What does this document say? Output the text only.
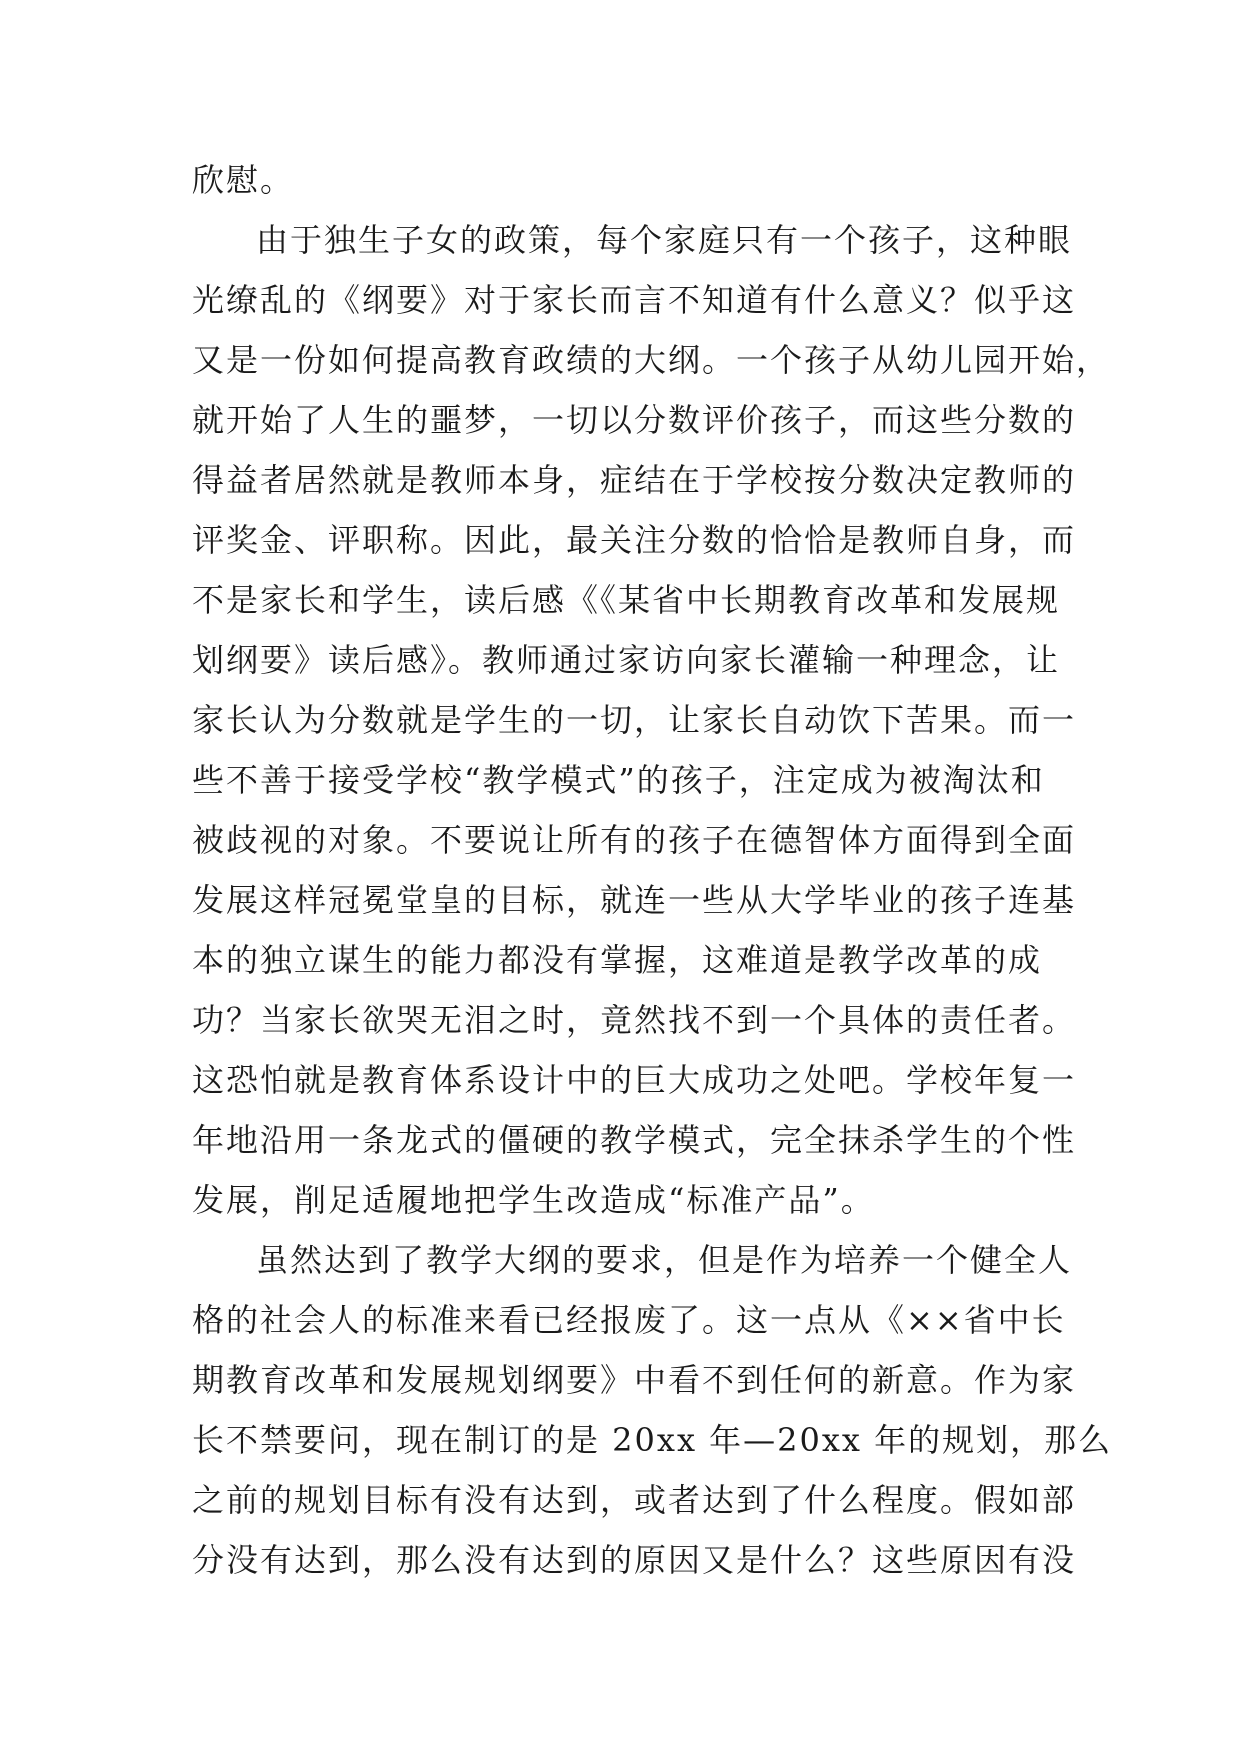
欣慰。
由于独生子女的政策，每个家庭只有一个孩子，这种眼
光缭乱的《纲要》对于家长而言不知道有什么意义？似乎这
又是一份如何提高教育政绩的大纲。一个孩子从幼儿园开始，
就开始了人生的噩梦，一切以分数评价孩子，而这些分数的
得益者居然就是教师本身，症结在于学校按分数决定教师的
评奖金、评职称。因此，最关注分数的恰恰是教师自身，而
不是家长和学生，读后感《《某省中长期教育改革和发展规
划纲要》读后感》。教师通过家访向家长灌输一种理念，让
家长认为分数就是学生的一切，让家长自动饮下苦果。而一
些不善于接受学校“教学模式”的孩子，注定成为被淘汰和
被歧视的对象。不要说让所有的孩子在德智体方面得到全面
发展这样冠冕堂皇的目标，就连一些从大学毕业的孩子连基
本的独立谋生的能力都没有掌握，这难道是教学改革的成
功？当家长欲哭无泪之时，竟然找不到一个具体的责任者。
这恐怕就是教育体系设计中的巨大成功之处吧。学校年复一
年地沿用一条龙式的僵硬的教学模式，完全抹杀学生的个性
发展，削足适履地把学生改造成“标准产品”。
虽然达到了教学大纲的要求，但是作为培养一个健全人
格的社会人的标准来看已经报废了。这一点从《××省中长
期教育改革和发展规划纲要》中看不到任何的新意。作为家
长不禁要问，现在制订的是 20xx 年—20xx 年的规划，那么
之前的规划目标有没有达到，或者达到了什么程度。假如部
分没有达到，那么没有达到的原因又是什么？这些原因有没
